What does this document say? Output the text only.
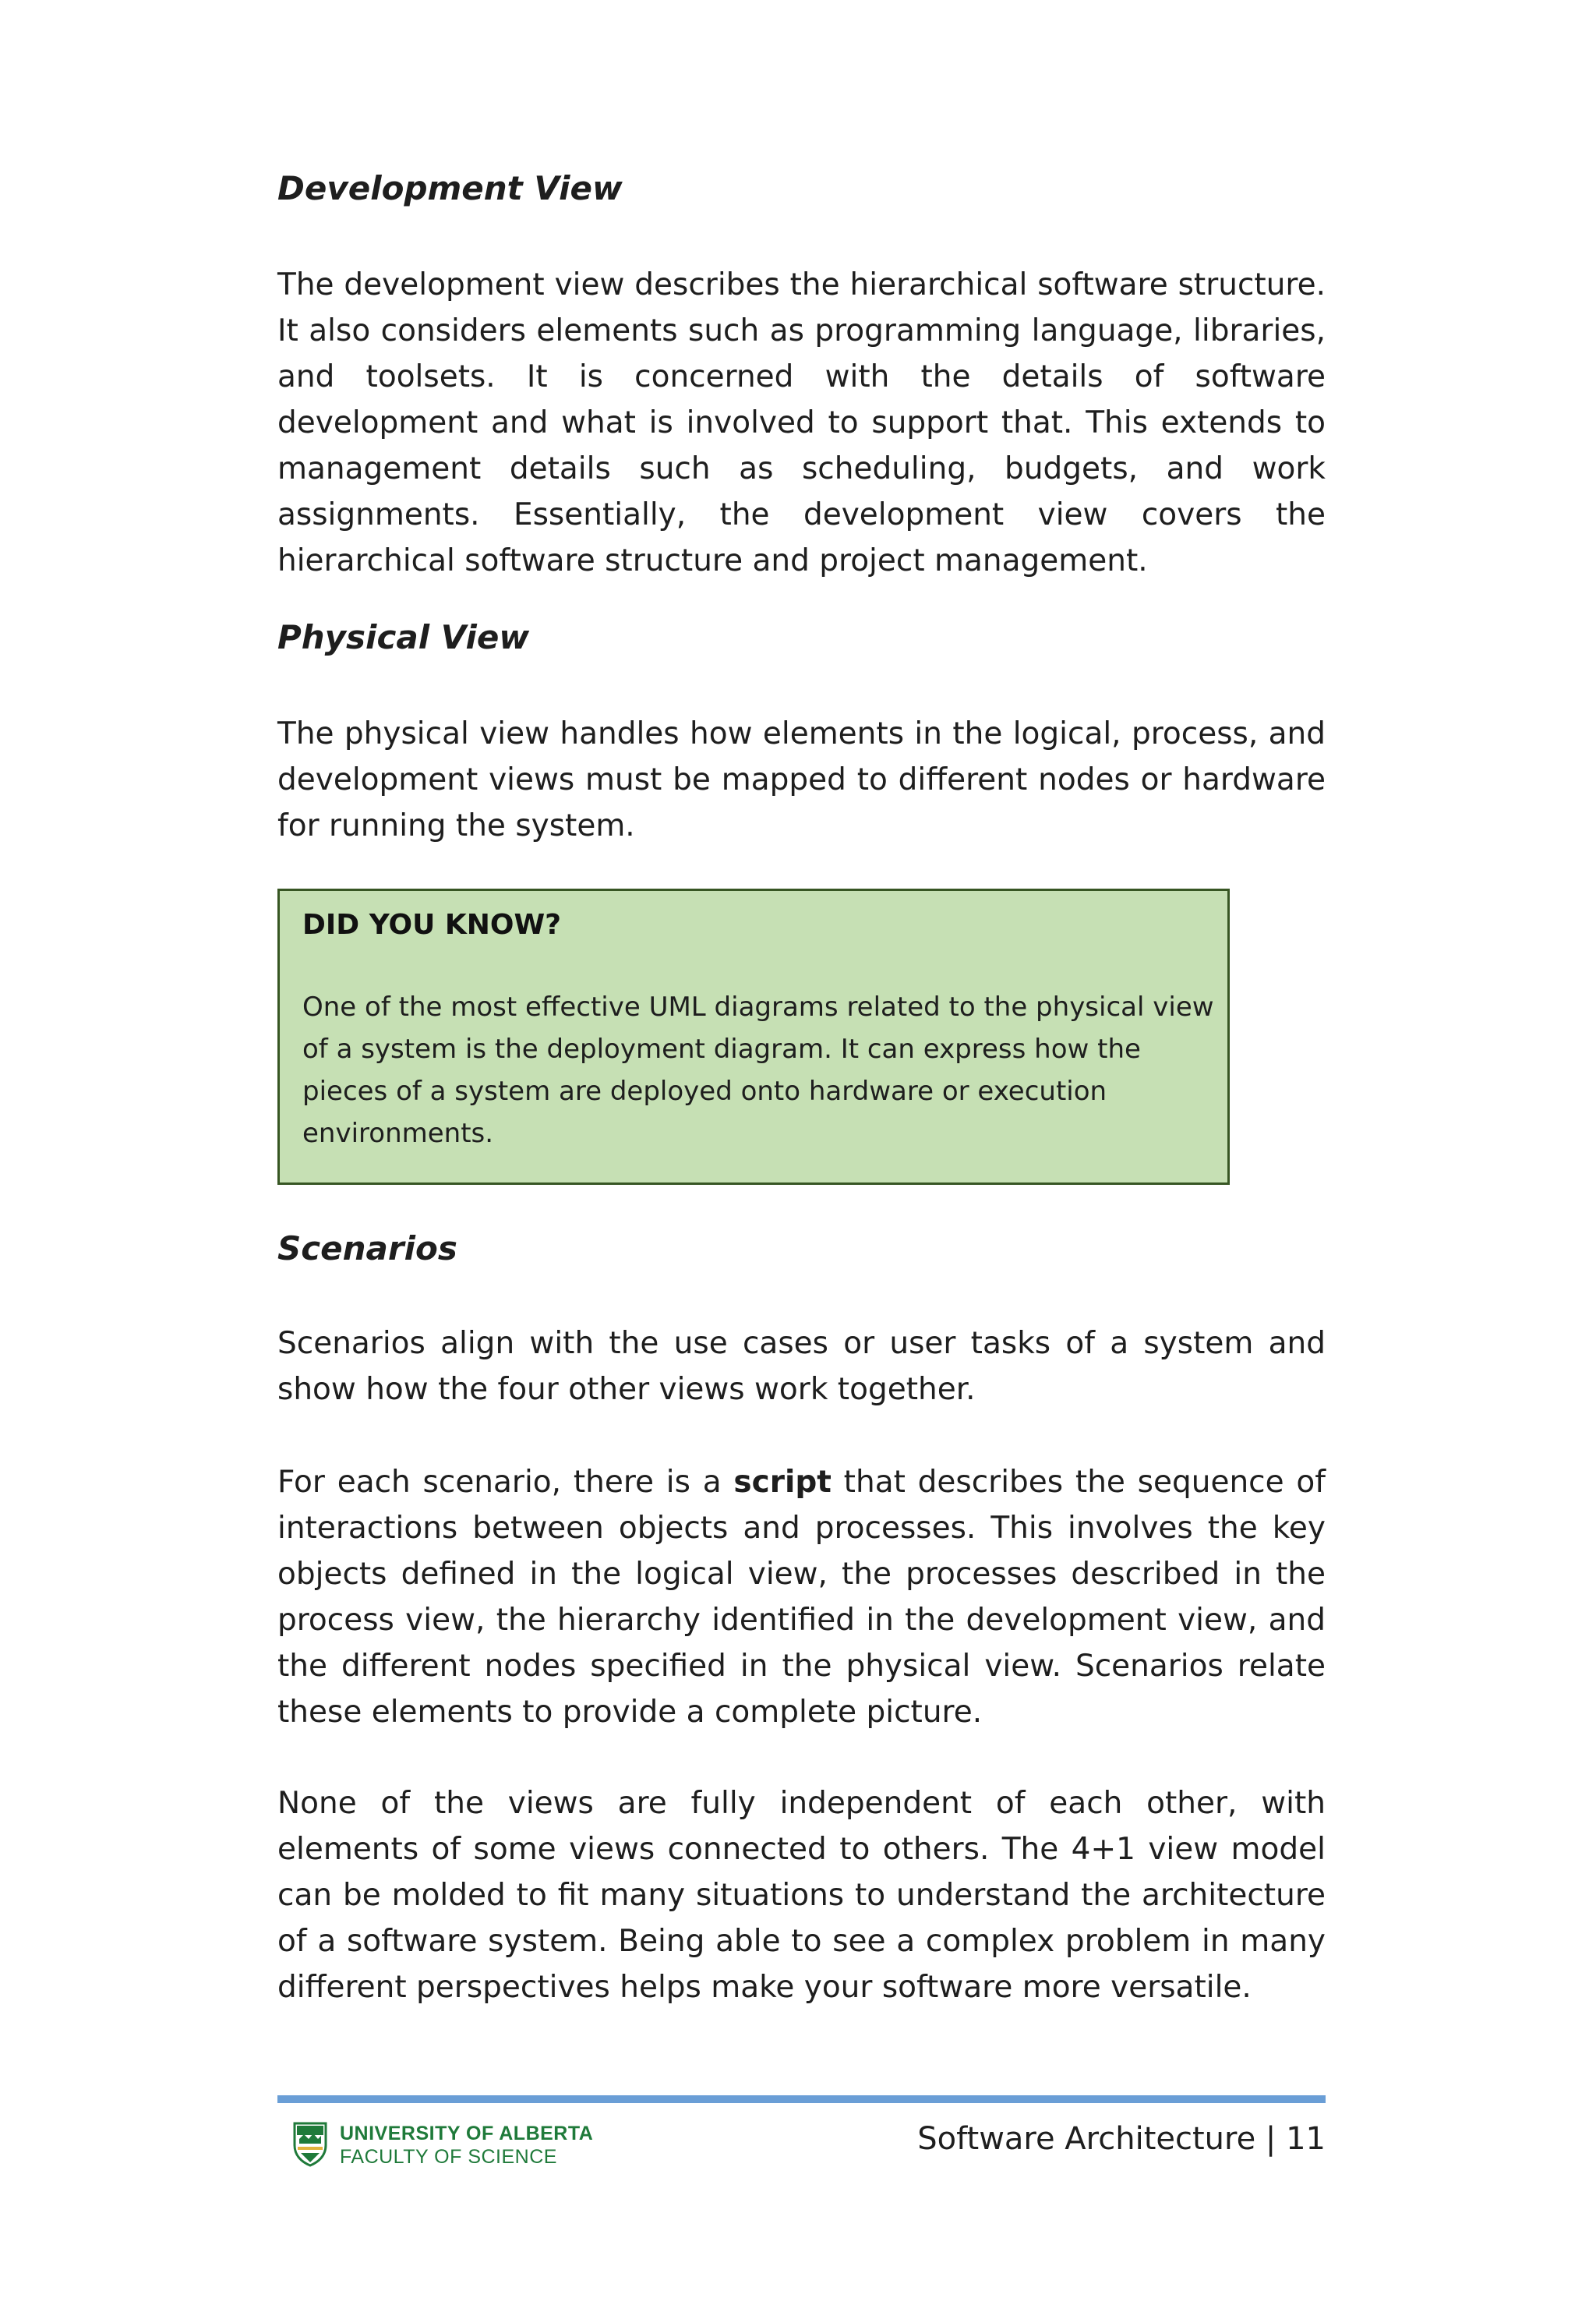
Development View

The development view describes the hierarchical software structure. It also considers elements such as programming language, libraries, and toolsets. It is concerned with the details of software development and what is involved to support that. This extends to management details such as scheduling, budgets, and work assignments. Essentially, the development view covers the hierarchical software structure and project management.

Physical View

The physical view handles how elements in the logical, process, and development views must be mapped to different nodes or hardware for running the system.

DID YOU KNOW?

One of the most effective UML diagrams related to the physical view of a system is the deployment diagram. It can express how the pieces of a system are deployed onto hardware or execution environments.

Scenarios

Scenarios align with the use cases or user tasks of a system and show how the four other views work together.

For each scenario, there is a script that describes the sequence of interactions between objects and processes. This involves the key objects defined in the logical view, the processes described in the process view, the hierarchy identified in the development view, and the different nodes specified in the physical view. Scenarios relate these elements to provide a complete picture.

None of the views are fully independent of each other, with elements of some views connected to others. The 4+1 view model can be molded to fit many situations to understand the architecture of a software system. Being able to see a complex problem in many different perspectives helps make your software more versatile.

UNIVERSITY OF ALBERTA
FACULTY OF SCIENCE	Software Architecture | 11
